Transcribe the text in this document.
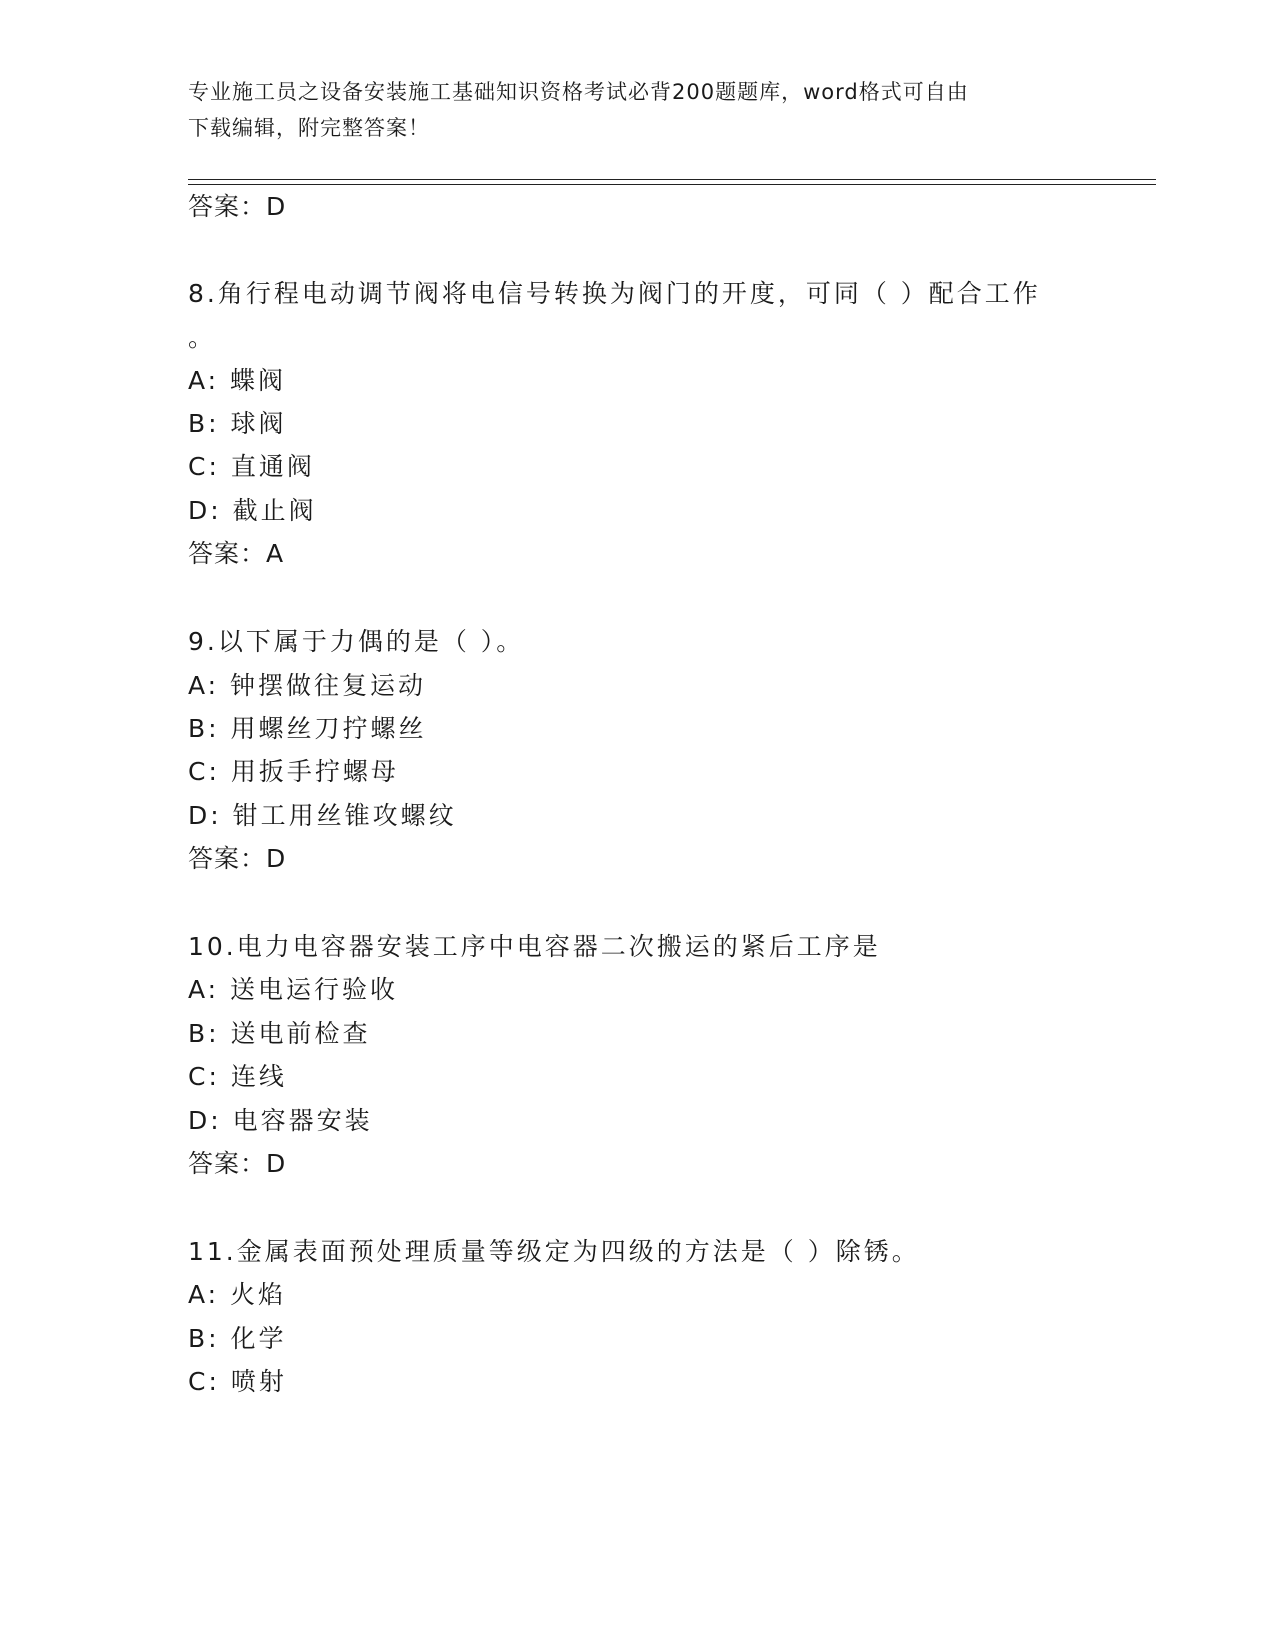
专业施工员之设备安装施工基础知识资格考试必背200题题库，word格式可自由
下载编辑，附完整答案！
答案：D
8.角行程电动调节阀将电信号转换为阀门的开度，可同（ ）配合工作
。
A: 蝶阀
B: 球阀
C: 直通阀
D: 截止阀
答案：A
9.以下属于力偶的是（ ）。
A: 钟摆做往复运动
B: 用螺丝刀拧螺丝
C: 用扳手拧螺母
D: 钳工用丝锥攻螺纹
答案：D
10.电力电容器安装工序中电容器二次搬运的紧后工序是
A: 送电运行验收
B: 送电前检查
C: 连线
D: 电容器安装
答案：D
11.金属表面预处理质量等级定为四级的方法是（ ）除锈。
A: 火焰
B: 化学
C: 喷射
